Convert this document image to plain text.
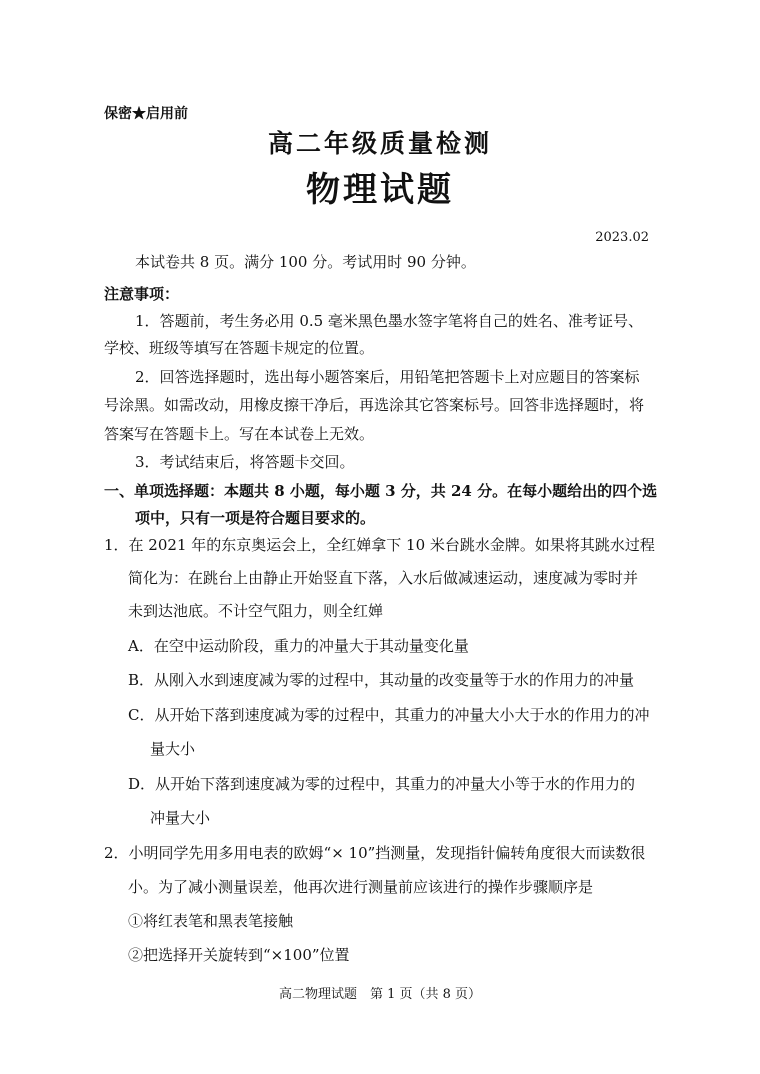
保密★启用前
高二年级质量检测
物理试题
2023.02
本试卷共 8 页。满分 100 分。考试用时 90 分钟。
注意事项：
1．答题前，考生务必用 0.5 毫米黑色墨水签字笔将自己的姓名、准考证号、
学校、班级等填写在答题卡规定的位置。
2．回答选择题时，选出每小题答案后，用铅笔把答题卡上对应题目的答案标
号涂黑。如需改动，用橡皮擦干净后，再选涂其它答案标号。回答非选择题时，将
答案写在答题卡上。写在本试卷上无效。
3．考试结束后，将答题卡交回。
一、单项选择题：本题共 8 小题，每小题 3 分，共 24 分。在每小题给出的四个选
项中，只有一项是符合题目要求的。
1．在 2021 年的东京奥运会上，全红婵拿下 10 米台跳水金牌。如果将其跳水过程
简化为：在跳台上由静止开始竖直下落，入水后做减速运动，速度减为零时并
未到达池底。不计空气阻力，则全红婵
A．在空中运动阶段，重力的冲量大于其动量变化量
B．从刚入水到速度减为零的过程中，其动量的改变量等于水的作用力的冲量
C．从开始下落到速度减为零的过程中，其重力的冲量大小大于水的作用力的冲
量大小
D．从开始下落到速度减为零的过程中，其重力的冲量大小等于水的作用力的
冲量大小
2．小明同学先用多用电表的欧姆“× 10”挡测量，发现指针偏转角度很大而读数很
小。为了减小测量误差，他再次进行测量前应该进行的操作步骤顺序是
①将红表笔和黑表笔接触
②把选择开关旋转到“×100”位置
高二物理试题　第 1 页（共 8 页）
